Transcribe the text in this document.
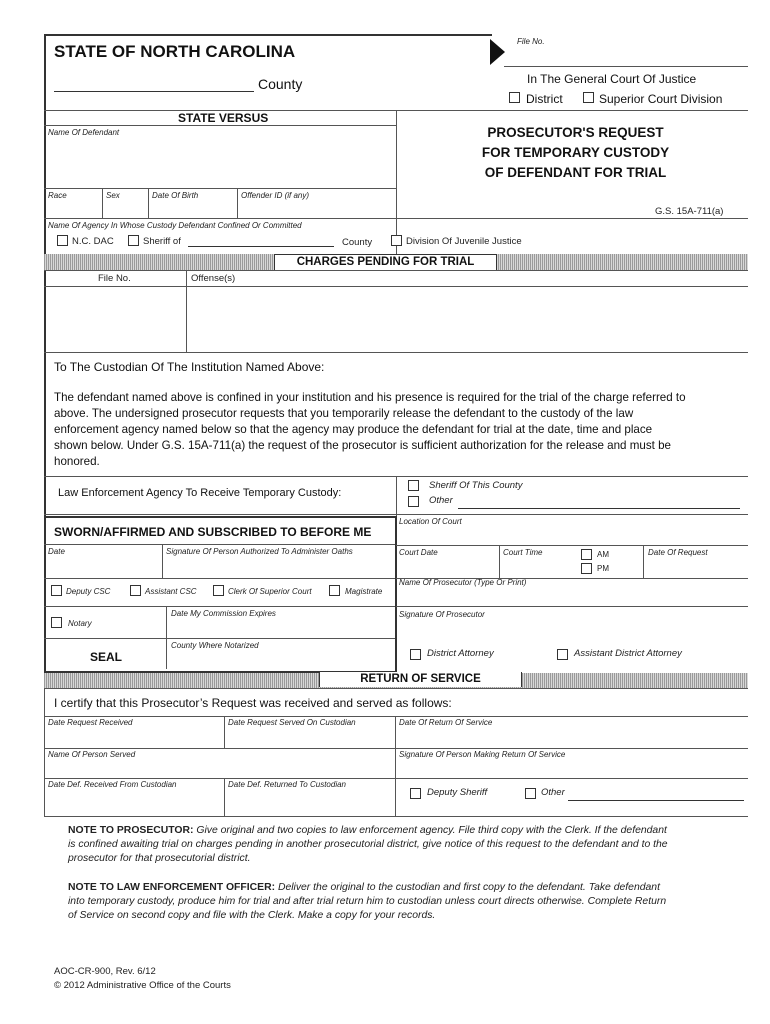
STATE OF NORTH CAROLINA
County
File No.
In The General Court Of Justice
District	Superior Court Division
STATE VERSUS
Name Of Defendant
Race	Sex	Date Of Birth	Offender ID (if any)
PROSECUTOR'S REQUEST
FOR TEMPORARY CUSTODY
OF DEFENDANT FOR TRIAL
G.S. 15A-711(a)
Name Of Agency In Whose Custody Defendant Confined Or Committed
N.C. DAC	Sheriff of	County	Division Of Juvenile Justice
CHARGES PENDING FOR TRIAL
File No.	Offense(s)
To The Custodian Of The Institution Named Above:
The defendant named above is confined in your institution and his presence is required for the trial of the charge referred to
above. The undersigned prosecutor requests that you temporarily release the defendant to the custody of the law
enforcement agency named below so that the agency may produce the defendant for trial at the date, time and place
shown below. Under G.S. 15A-711(a) the request of the prosecutor is sufficient authorization for the release and must be
honored.
Law Enforcement Agency To Receive Temporary Custody:
Sheriff Of This County
Other
SWORN/AFFIRMED AND SUBSCRIBED TO BEFORE ME
Date	Signature Of Person Authorized To Administer Oaths
Deputy CSC	Assistant CSC	Clerk Of Superior Court	Magistrate
Notary
Date My Commission Expires
County Where Notarized
SEAL
Location Of Court
Court Date	Court Time	AM
PM
Date Of Request
Name Of Prosecutor (Type Or Print)
Signature Of Prosecutor
District Attorney	Assistant District Attorney
RETURN OF SERVICE
I certify that this Prosecutor’s Request was received and served as follows:
Date Request Received	Date Request Served On Custodian	Date Of Return Of Service
Name Of Person Served	Signature Of Person Making Return Of Service
Date Def. Received From Custodian	Date Def. Returned To Custodian
Deputy Sheriff	Other
NOTE TO PROSECUTOR: Give original and two copies to law enforcement agency. File third copy with the Clerk. If the defendant
is confined awaiting trial on charges pending in another prosecutorial district, give notice of this request to the defendant and to the
prosecutor for that prosecutorial district.
NOTE TO LAW ENFORCEMENT OFFICER: Deliver the original to the custodian and first copy to the defendant. Take defendant
into temporary custody, produce him for trial and after trial return him to custodian unless court directs otherwise. Complete Return
of Service on second copy and file with the Clerk. Make a copy for your records.
AOC-CR-900, Rev. 6/12
© 2012 Administrative Office of the Courts
